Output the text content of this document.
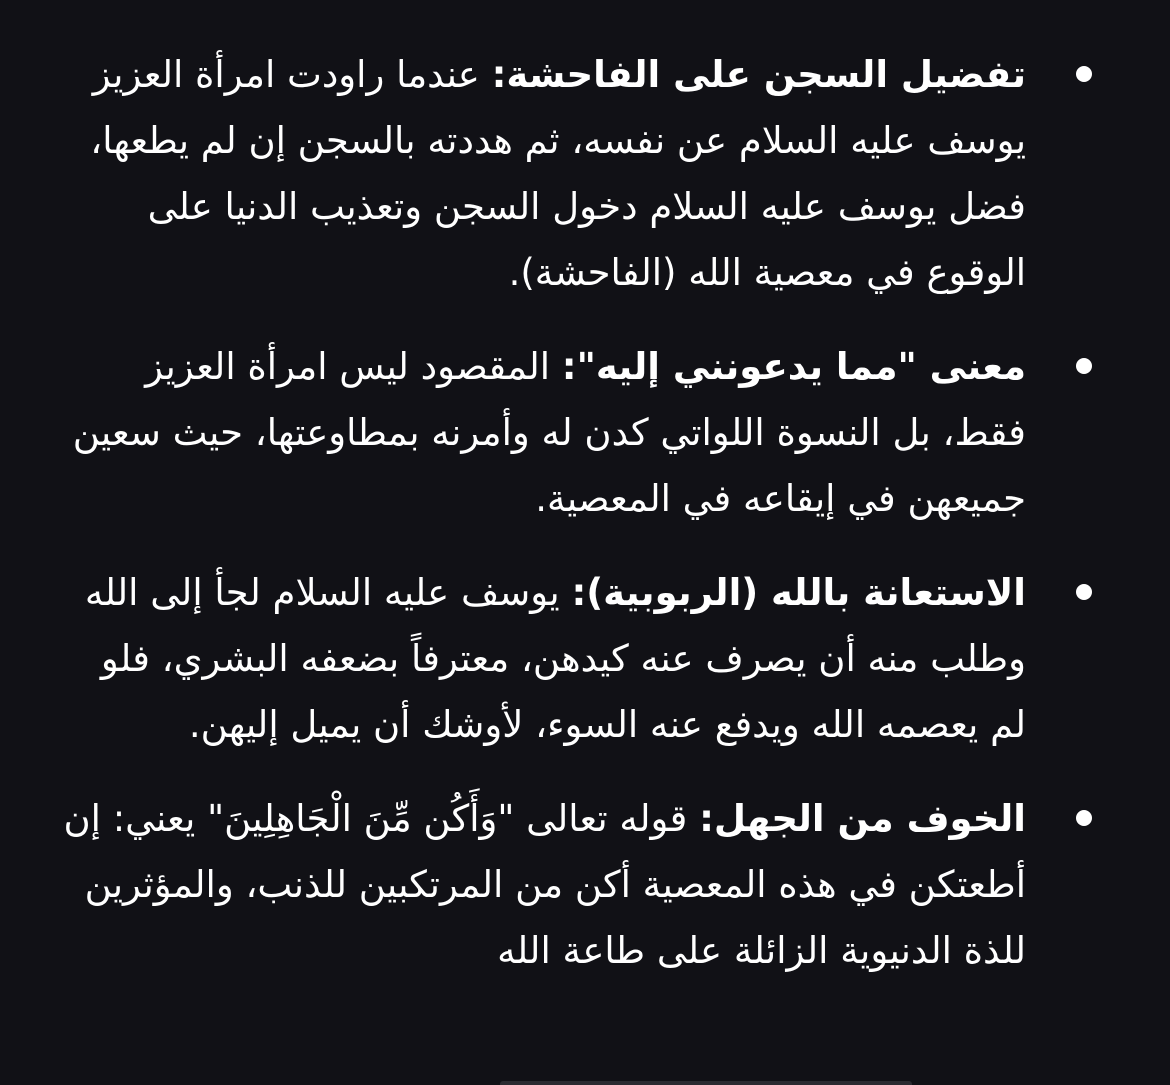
تفضيل السجن على الفاحشة: عندما راودت امرأة العزيز يوسف عليه السلام عن نفسه، ثم هددته بالسجن إن لم يطعها، فضل يوسف عليه السلام دخول السجن وتعذيب الدنيا على الوقوع في معصية الله (الفاحشة).
معنى "مما يدعونني إليه": المقصود ليس امرأة العزيز فقط، بل النسوة اللواتي كدن له وأمرنه بمطاوعتها، حيث سعين جميعهن في إيقاعه في المعصية.
الاستعانة بالله (الربوبية): يوسف عليه السلام لجأ إلى الله وطلب منه أن يصرف عنه كيدهن، معترفاً بضعفه البشري، فلو لم يعصمه الله ويدفع عنه السوء، لأوشك أن يميل إليهن.
الخوف من الجهل: قوله تعالى "وَأَكُن مِّنَ الْجَاهِلِينَ" يعني: إن أطعتكن في هذه المعصية أكن من المرتكبين للذنب، والمؤثرين للذة الدنيوية الزائلة على طاعة الله
